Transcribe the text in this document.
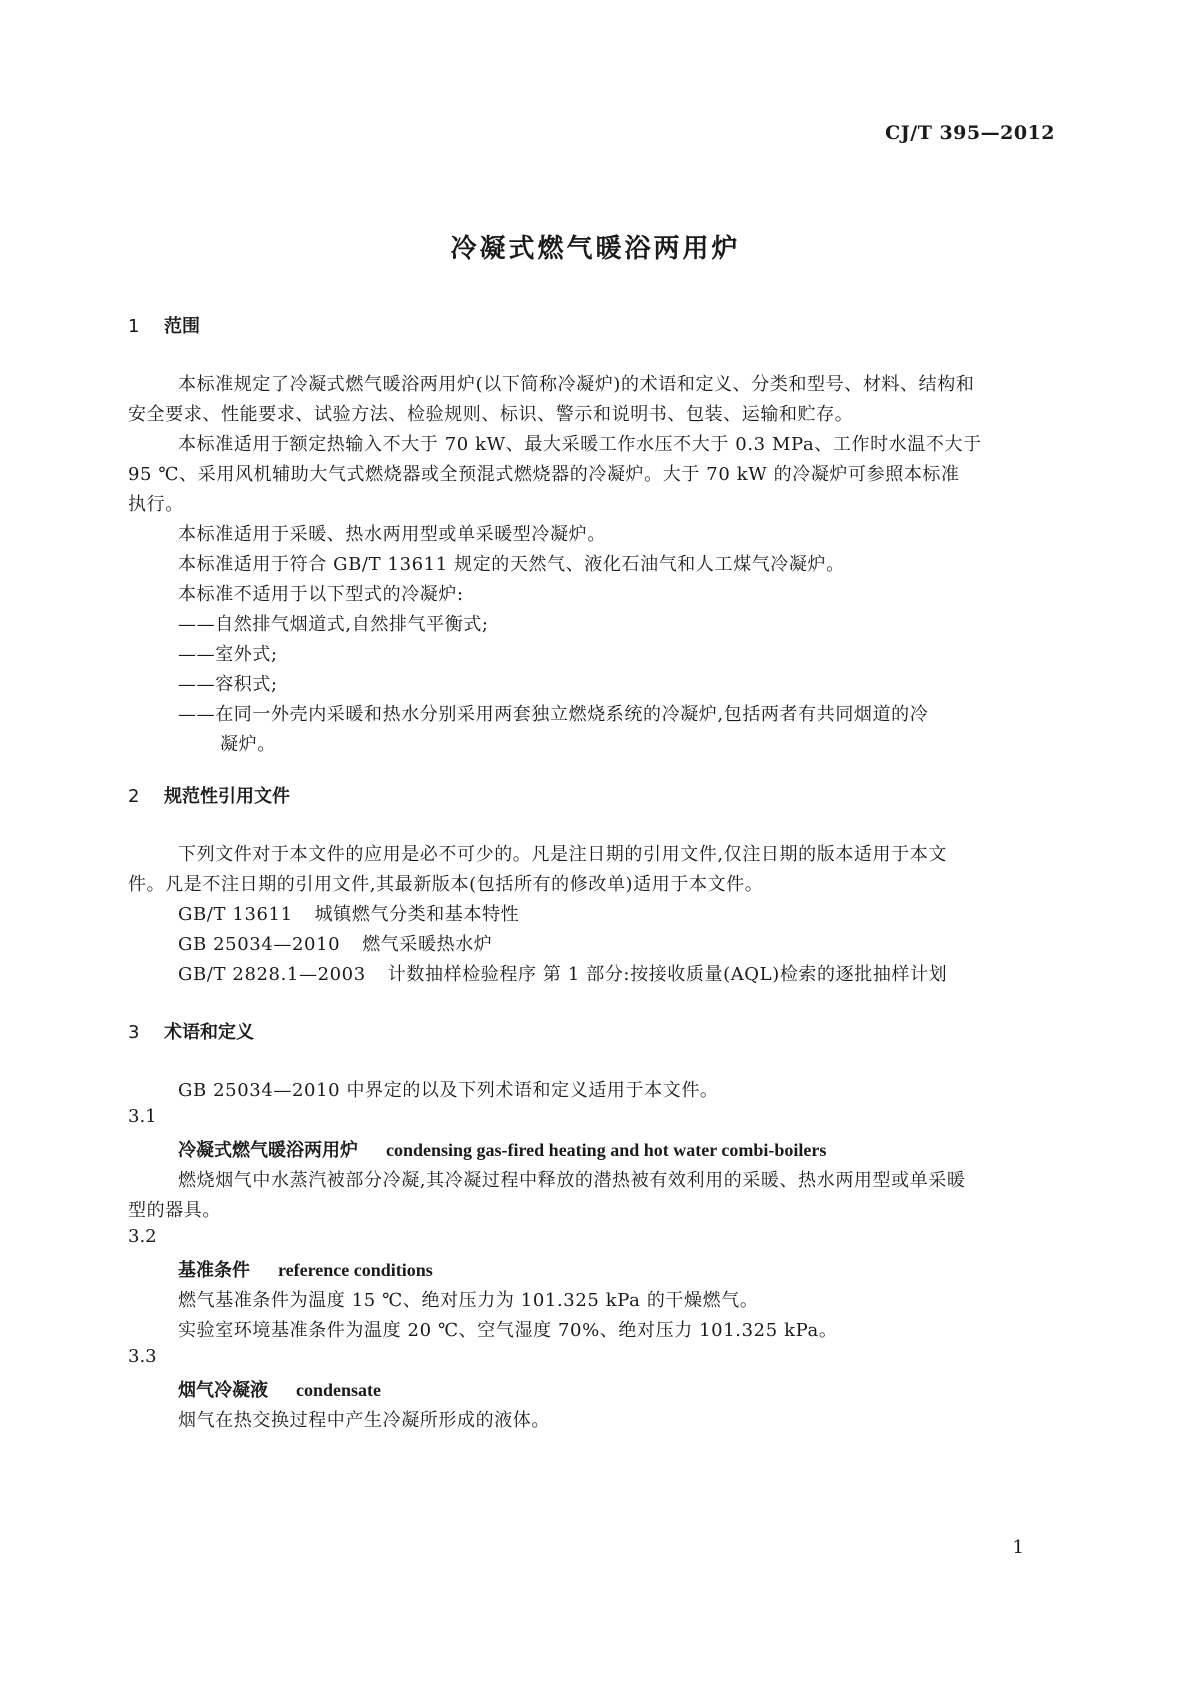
CJ/T 395—2012
冷凝式燃气暖浴两用炉
1 范围
本标准规定了冷凝式燃气暖浴两用炉(以下简称冷凝炉)的术语和定义、分类和型号、材料、结构和
安全要求、性能要求、试验方法、检验规则、标识、警示和说明书、包装、运输和贮存。
本标准适用于额定热输入不大于 70 kW、最大采暖工作水压不大于 0.3 MPa、工作时水温不大于
95 ℃、采用风机辅助大气式燃烧器或全预混式燃烧器的冷凝炉。大于 70 kW 的冷凝炉可参照本标准
执行。
本标准适用于采暖、热水两用型或单采暖型冷凝炉。
本标准适用于符合 GB/T 13611 规定的天然气、液化石油气和人工煤气冷凝炉。
本标准不适用于以下型式的冷凝炉:
——自然排气烟道式,自然排气平衡式;
——室外式;
——容积式;
——在同一外壳内采暖和热水分别采用两套独立燃烧系统的冷凝炉,包括两者有共同烟道的冷
凝炉。
2 规范性引用文件
下列文件对于本文件的应用是必不可少的。凡是注日期的引用文件,仅注日期的版本适用于本文
件。凡是不注日期的引用文件,其最新版本(包括所有的修改单)适用于本文件。
GB/T 13611 城镇燃气分类和基本特性
GB 25034—2010 燃气采暖热水炉
GB/T 2828.1—2003 计数抽样检验程序 第 1 部分:按接收质量(AQL)检索的逐批抽样计划
3 术语和定义
GB 25034—2010 中界定的以及下列术语和定义适用于本文件。
3.1
冷凝式燃气暖浴两用炉 condensing gas-fired heating and hot water combi-boilers
燃烧烟气中水蒸汽被部分冷凝,其冷凝过程中释放的潜热被有效利用的采暖、热水两用型或单采暖
型的器具。
3.2
基准条件 reference conditions
燃气基准条件为温度 15 ℃、绝对压力为 101.325 kPa 的干燥燃气。
实验室环境基准条件为温度 20 ℃、空气湿度 70%、绝对压力 101.325 kPa。
3.3
烟气冷凝液 condensate
烟气在热交换过程中产生冷凝所形成的液体。
1
